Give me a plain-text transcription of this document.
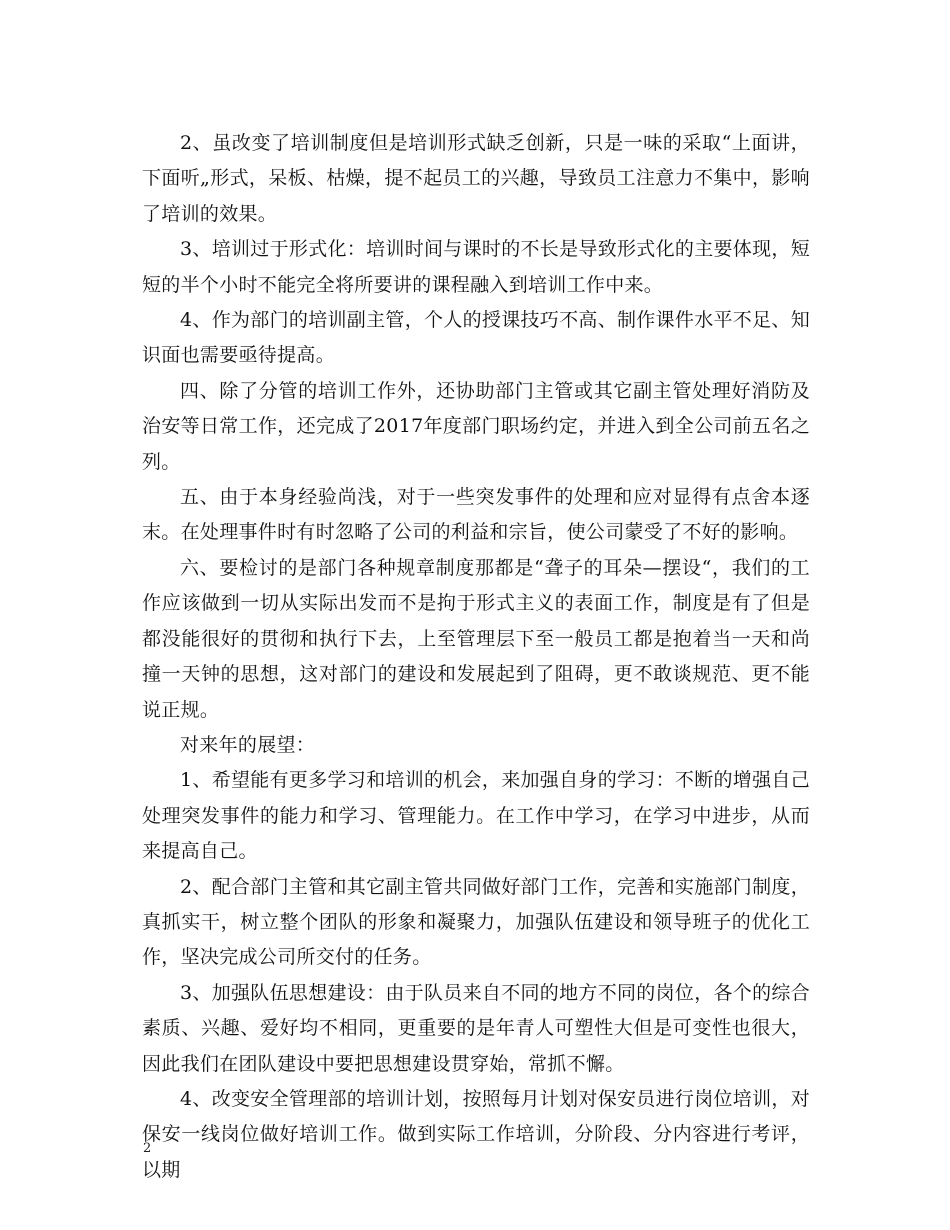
2、虽改变了培训制度但是培训形式缺乏创新，只是一味的采取“上面讲，下面听„形式，呆板、枯燥，提不起员工的兴趣，导致员工注意力不集中，影响了培训的效果。

3、培训过于形式化：培训时间与课时的不长是导致形式化的主要体现，短短的半个小时不能完全将所要讲的课程融入到培训工作中来。

4、作为部门的培训副主管，个人的授课技巧不高、制作课件水平不足、知识面也需要亟待提高。

四、除了分管的培训工作外，还协助部门主管或其它副主管处理好消防及治安等日常工作，还完成了2017年度部门职场约定，并进入到全公司前五名之列。

五、由于本身经验尚浅，对于一些突发事件的处理和应对显得有点舍本逐末。在处理事件时有时忽略了公司的利益和宗旨，使公司蒙受了不好的影响。

六、要检讨的是部门各种规章制度那都是“聋子的耳朵—摆设“，我们的工作应该做到一切从实际出发而不是拘于形式主义的表面工作，制度是有了但是都没能很好的贯彻和执行下去，上至管理层下至一般员工都是抱着当一天和尚撞一天钟的思想，这对部门的建设和发展起到了阻碍，更不敢谈规范、更不能说正规。

对来年的展望：

1、希望能有更多学习和培训的机会，来加强自身的学习：不断的增强自己处理突发事件的能力和学习、管理能力。在工作中学习，在学习中进步，从而来提高自己。

2、配合部门主管和其它副主管共同做好部门工作，完善和实施部门制度，真抓实干，树立整个团队的形象和凝聚力，加强队伍建设和领导班子的优化工作，坚决完成公司所交付的任务。

3、加强队伍思想建设：由于队员来自不同的地方不同的岗位，各个的综合素质、兴趣、爱好均不相同，更重要的是年青人可塑性大但是可变性也很大，因此我们在团队建设中要把思想建设贯穿始，常抓不懈。

4、改变安全管理部的培训计划，按照每月计划对保安员进行岗位培训，对保安一线岗位做好培训工作。做到实际工作培训，分阶段、分内容进行考评，以期

2
